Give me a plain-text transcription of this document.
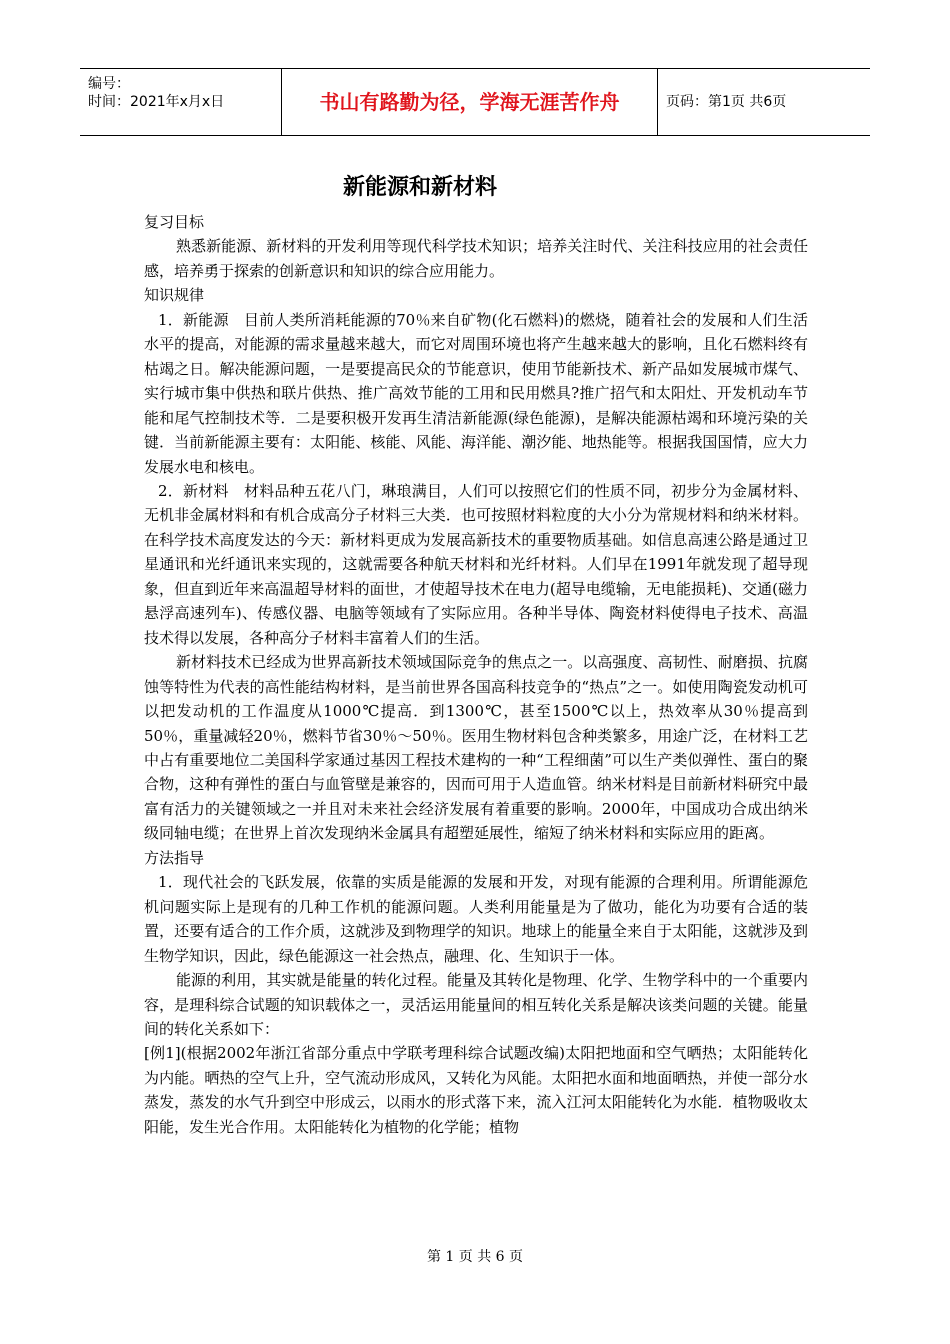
编号：
时间：2021年x月x日	书山有路勤为径，学海无涯苦作舟	页码：第1页 共6页
新能源和新材料

复习目标

熟悉新能源、新材料的开发利用等现代科学技术知识；培养关注时代、关注科技应用的社会责任感，培养勇于探索的创新意识和知识的综合应用能力。

知识规律

1．新能源　目前人类所消耗能源的70％来自矿物(化石燃料)的燃烧，随着社会的发展和人们生活水平的提高，对能源的需求量越来越大，而它对周围环境也将产生越来越大的影响，且化石燃料终有枯竭之日。解决能源问题，一是要提高民众的节能意识，使用节能新技术、新产品如发展城市煤气、实行城市集中供热和联片供热、推广高效节能的工用和民用燃具?推广招气和太阳灶、开发机动车节能和尾气控制技术等．二是要积极开发再生清洁新能源(绿色能源)，是解决能源枯竭和环境污染的关键．当前新能源主要有：太阳能、核能、风能、海洋能、潮汐能、地热能等。根据我国国情，应大力发展水电和核电。

2．新材料　材料品种五花八门，琳琅满目，人们可以按照它们的性质不同，初步分为金属材料、无机非金属材料和有机合成高分子材料三大类．也可按照材料粒度的大小分为常规材料和纳米材料。在科学技术高度发达的今天：新材料更成为发展高新技术的重要物质基础。如信息高速公路是通过卫星通讯和光纤通讯来实现的，这就需要各种航天材料和光纤材料。人们早在1991年就发现了超导现象，但直到近年来高温超导材料的面世，才使超导技术在电力(超导电缆输，无电能损耗)、交通(磁力悬浮高速列车)、传感仪器、电脑等领域有了实际应用。各种半导体、陶瓷材料使得电子技术、高温技术得以发展，各种高分子材料丰富着人们的生活。

新材料技术已经成为世界高新技术领域国际竞争的焦点之一。以高强度、高韧性、耐磨损、抗腐蚀等特性为代表的高性能结构材料，是当前世界各国高科技竞争的“热点”之一。如使用陶瓷发动机可以把发动机的工作温度从1000℃提高．到1300℃，甚至1500℃以上，热效率从30％提高到50％，重量减轻20％，燃料节省30％～50％。医用生物材料包含种类繁多，用途广泛，在材料工艺中占有重要地位二美国科学家通过基因工程技术建构的一种“工程细菌”可以生产类似弹性、蛋白的聚合物，这种有弹性的蛋白与血管壁是兼容的，因而可用于人造血管。纳米材料是目前新材料研究中最富有活力的关键领域之一并且对未来社会经济发展有着重要的影响。2000年，中国成功合成出纳米级同轴电缆；在世界上首次发现纳米金属具有超塑延展性，缩短了纳米材料和实际应用的距离。

方法指导

1．现代社会的飞跃发展，依靠的实质是能源的发展和开发，对现有能源的合理利用。所谓能源危机问题实际上是现有的几种工作机的能源问题。人类利用能量是为了做功，能化为功要有合适的装置，还要有适合的工作介质，这就涉及到物理学的知识。地球上的能量全来自于太阳能，这就涉及到生物学知识，因此，绿色能源这一社会热点，融理、化、生知识于一体。

能源的利用，其实就是能量的转化过程。能量及其转化是物理、化学、生物学科中的一个重要内容，是理科综合试题的知识载体之一，灵活运用能量间的相互转化关系是解决该类问题的关键。能量间的转化关系如下：

[例1](根据2002年浙江省部分重点中学联考理科综合试题改编)太阳把地面和空气晒热；太阳能转化为内能。晒热的空气上升，空气流动形成风，又转化为风能。太阳把水面和地面晒热，并使一部分水蒸发，蒸发的水气升到空中形成云，以雨水的形式落下来，流入江河太阳能转化为水能．植物吸收太阳能，发生光合作用。太阳能转化为植物的化学能；植物

第 1 页 共 6 页
